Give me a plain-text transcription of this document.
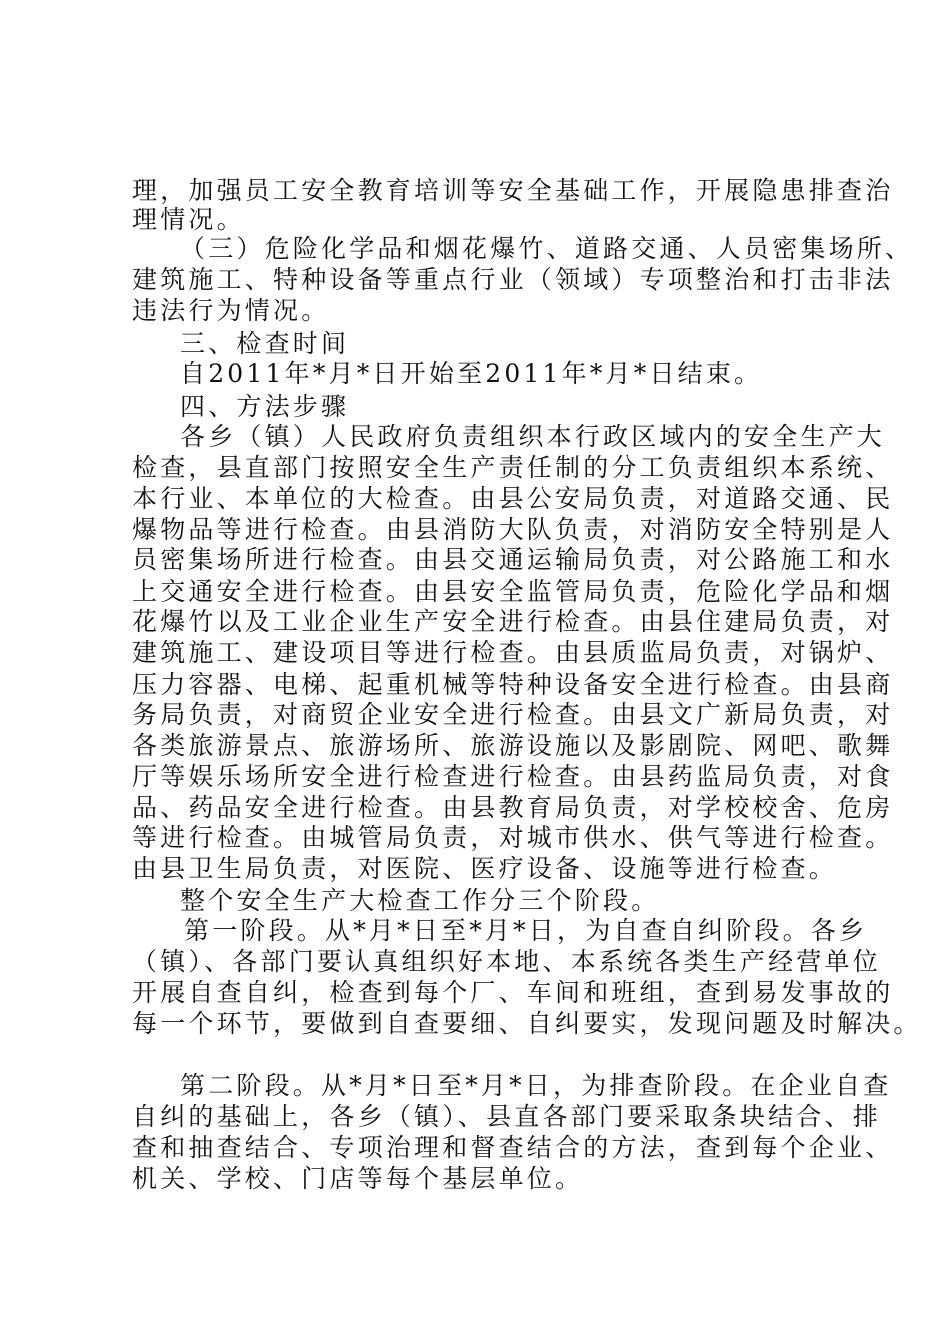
理，加强员工安全教育培训等安全基础工作，开展隐患排查治
理情况。
（三）危险化学品和烟花爆竹、道路交通、人员密集场所、
建筑施工、特种设备等重点行业（领域）专项整治和打击非法
违法行为情况。
三、检查时间
自2011年*月*日开始至2011年*月*日结束。
四、方法步骤
各乡（镇）人民政府负责组织本行政区域内的安全生产大
检查，县直部门按照安全生产责任制的分工负责组织本系统、
本行业、本单位的大检查。由县公安局负责，对道路交通、民
爆物品等进行检查。由县消防大队负责，对消防安全特别是人
员密集场所进行检查。由县交通运输局负责，对公路施工和水
上交通安全进行检查。由县安全监管局负责，危险化学品和烟
花爆竹以及工业企业生产安全进行检查。由县住建局负责，对
建筑施工、建设项目等进行检查。由县质监局负责，对锅炉、
压力容器、电梯、起重机械等特种设备安全进行检查。由县商
务局负责，对商贸企业安全进行检查。由县文广新局负责，对
各类旅游景点、旅游场所、旅游设施以及影剧院、网吧、歌舞
厅等娱乐场所安全进行检查进行检查。由县药监局负责，对食
品、药品安全进行检查。由县教育局负责，对学校校舍、危房
等进行检查。由城管局负责，对城市供水、供气等进行检查。
由县卫生局负责，对医院、医疗设备、设施等进行检查。
整个安全生产大检查工作分三个阶段。
第一阶段。从*月*日至*月*日，为自查自纠阶段。各乡
（镇）、各部门要认真组织好本地、本系统各类生产经营单位
开展自查自纠，检查到每个厂、车间和班组，查到易发事故的
每一个环节，要做到自查要细、自纠要实，发现问题及时解决。
第二阶段。从*月*日至*月*日，为排查阶段。在企业自查
自纠的基础上，各乡（镇）、县直各部门要采取条块结合、排
查和抽查结合、专项治理和督查结合的方法，查到每个企业、
机关、学校、门店等每个基层单位。
